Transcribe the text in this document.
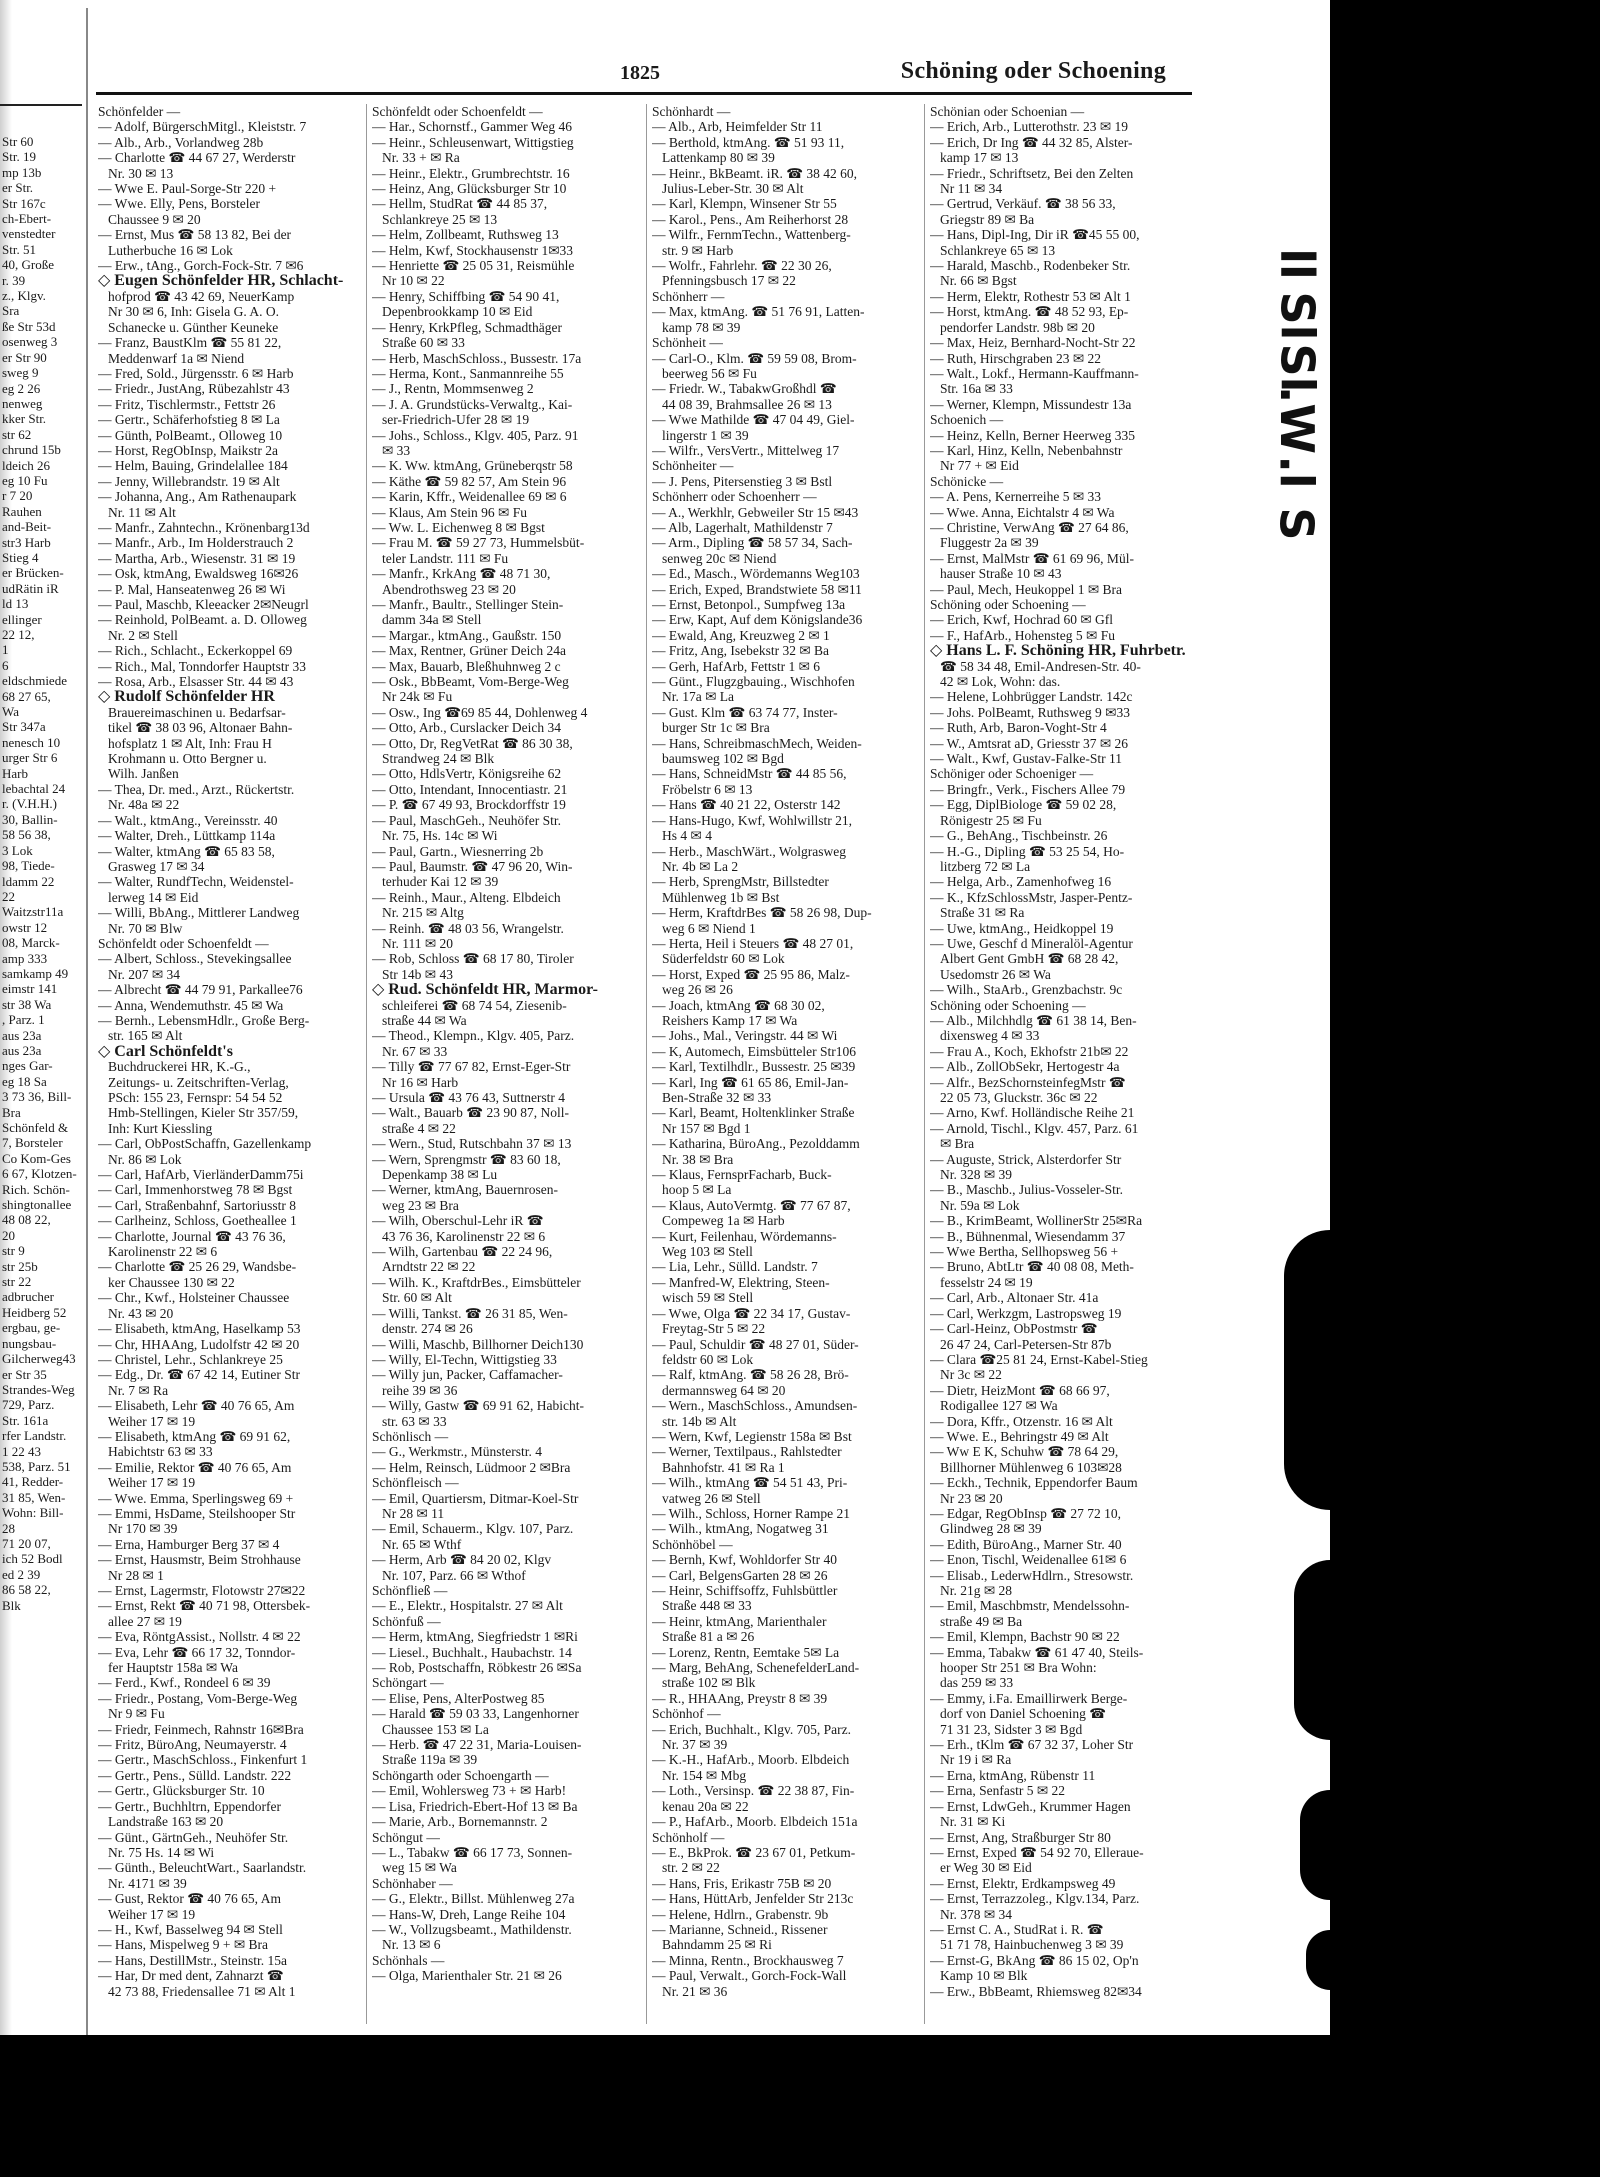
Str 60
Str. 19
mp 13b
er Str.
Str 167c
ch-Ebert-
venstedter
Str. 51
40, Große
r. 39
z., Klgv.
Sra
ße Str 53d
osenweg 3
er Str 90
sweg 9
eg 2 26
nenweg
kker Str.
str 62
chrund 15b
ldeich 26
eg 10 Fu
r 7 20
Rauhen
and-Beit-
str3 Harb
Stieg 4
er Brücken-
udRätin iR
ld 13
ellinger
22 12,
1
6
eldschmiede
68 27 65,
Wa
Str 347a
nenesch 10
urger Str 6
Harb
lebachtal 24
r. (V.H.H.)
30, Ballin-
58 56 38,
3 Lok
98, Tiede-
ldamm 22
22
Waitzstr11a
owstr 12
08, Marck-
amp 333
samkamp 49
eimstr 141
str 38 Wa
, Parz. 1
aus 23a
aus 23a
nges Gar-
eg 18 Sa
3 73 36, Bill-
Bra
Schönfeld &
7, Borsteler
Co Kom-Ges
6 67, Klotzen-
Rich. Schön-
shingtonallee
48 08 22,
20
str 9
str 25b
str 22
adbrucher
Heidberg 52
ergbau, ge-
nungsbau-
Gilcherweg43
er Str 35
Strandes-Weg
729, Parz.
Str. 161a
rfer Landstr.
1 22 43
538, Parz. 51
41, Redder-
31 85, Wen-
Wohn: Bill-
28
71 20 07,
ich 52 Bodl
ed 2 39
86 58 22,
Blk
1825	Schöning oder Schoening
Schönfelder —
— Adolf, BürgerschMitgl., Kleiststr. 7
— Alb., Arb., Vorlandweg 28b
— Charlotte ☎ 44 67 27, Werderstr
Nr. 30 ✉ 13
— Wwe E. Paul-Sorge-Str 220 +
— Wwe. Elly, Pens, Borsteler
Chaussee 9 ✉ 20
— Ernst, Mus ☎ 58 13 82, Bei der
Lutherbuche 16 ✉ Lok
— Erw., tAng., Gorch-Fock-Str. 7 ✉6
◇ Eugen Schönfelder HR, Schlacht-
hofprod ☎ 43 42 69, NeuerKamp
Nr 30 ✉ 6, Inh: Gisela G. A. O.
Schanecke u. Günther Keuneke
— Franz, BaustKlm ☎ 55 81 22,
Meddenwarf 1a ✉ Niend
— Fred, Sold., Jürgensstr. 6 ✉ Harb
— Friedr., JustAng, Rübezahlstr 43
— Fritz, Tischlermstr., Fettstr 26
— Gertr., Schäferhofstieg 8 ✉ La
— Günth, PolBeamt., Olloweg 10
— Horst, RegObInsp, Maikstr 2a
— Helm, Bauing, Grindelallee 184
— Jenny, Willebrandstr. 19 ✉ Alt
— Johanna, Ang., Am Rathenaupark
Nr. 11 ✉ Alt
— Manfr., Zahntechn., Krönenbarg13d
— Manfr., Arb., Im Holderstrauch 2
— Martha, Arb., Wiesenstr. 31 ✉ 19
— Osk, ktmAng, Ewaldsweg 16✉26
— P. Mal, Hanseatenweg 26 ✉ Wi
— Paul, Maschb, Kleeacker 2✉Neugrl
— Reinhold, PolBeamt. a. D. Olloweg
Nr. 2 ✉ Stell
— Rich., Schlacht., Eckerkoppel 69
— Rich., Mal, Tonndorfer Hauptstr 33
— Rosa, Arb., Elsasser Str. 44 ✉ 43
◇ Rudolf Schönfelder HR
Brauereimaschinen u. Bedarfsar-
tikel ☎ 38 03 96, Altonaer Bahn-
hofsplatz 1 ✉ Alt, Inh: Frau H
Krohmann u. Otto Bergner u.
Wilh. Janßen
— Thea, Dr. med., Arzt., Rückertstr.
Nr. 48a ✉ 22
— Walt., ktmAng., Vereinsstr. 40
— Walter, Dreh., Lüttkamp 114a
— Walter, ktmAng ☎ 65 83 58,
Grasweg 17 ✉ 34
— Walter, RundfTechn, Weidenstel-
lerweg 14 ✉ Eid
— Willi, BbAng., Mittlerer Landweg
Nr. 70 ✉ Blw
Schönfeldt oder Schoenfeldt —
— Albert, Schloss., Stevekingsallee
Nr. 207 ✉ 34
— Albrecht ☎ 44 79 91, Parkallee76
— Anna, Wendemuthstr. 45 ✉ Wa
— Bernh., LebensmHdlr., Große Berg-
str. 165 ✉ Alt
◇ Carl Schönfeldt's
Buchdruckerei HR, K.-G.,
Zeitungs- u. Zeitschriften-Verlag,
PSch: 155 23, Fernspr: 54 54 52
Hmb-Stellingen, Kieler Str 357/59,
Inh: Kurt Kiessling
— Carl, ObPostSchaffn, Gazellenkamp
Nr. 86 ✉ Lok
— Carl, HafArb, VierländerDamm75i
— Carl, Immenhorstweg 78 ✉ Bgst
— Carl, Straßenbahnf, Sartoriusstr 8
— Carlheinz, Schloss, Goetheallee 1
— Charlotte, Journal ☎ 43 76 36,
Karolinenstr 22 ✉ 6
— Charlotte ☎ 25 26 29, Wandsbe-
ker Chaussee 130 ✉ 22
— Chr., Kwf., Holsteiner Chaussee
Nr. 43 ✉ 20
— Elisabeth, ktmAng, Haselkamp 53
— Chr, HHAAng, Ludolfstr 42 ✉ 20
— Christel, Lehr., Schlankreye 25
— Edg., Dr. ☎ 67 42 14, Eutiner Str
Nr. 7 ✉ Ra
— Elisabeth, Lehr ☎ 40 76 65, Am
Weiher 17 ✉ 19
— Elisabeth, ktmAng ☎ 69 91 62,
Habichtstr 63 ✉ 33
— Emilie, Rektor ☎ 40 76 65, Am
Weiher 17 ✉ 19
— Wwe. Emma, Sperlingsweg 69 +
— Emmi, HsDame, Steilshooper Str
Nr 170 ✉ 39
— Erna, Hamburger Berg 37 ✉ 4
— Ernst, Hausmstr, Beim Strohhause
Nr 28 ✉ 1
— Ernst, Lagermstr, Flotowstr 27✉22
— Ernst, Rekt ☎ 40 71 98, Ottersbek-
allee 27 ✉ 19
— Eva, RöntgAssist., Nollstr. 4 ✉ 22
— Eva, Lehr ☎ 66 17 32, Tonndor-
fer Hauptstr 158a ✉ Wa
— Ferd., Kwf., Rondeel 6 ✉ 39
— Friedr., Postang, Vom-Berge-Weg
Nr 9 ✉ Fu
— Friedr, Feinmech, Rahnstr 16✉Bra
— Fritz, BüroAng, Neumayerstr. 4
— Gertr., MaschSchloss., Finkenfurt 1
— Gertr., Pens., Sülld. Landstr. 222
— Gertr., Glücksburger Str. 10
— Gertr., Buchhltrn, Eppendorfer
Landstraße 163 ✉ 20
— Günt., GärtnGeh., Neuhöfer Str.
Nr. 75 Hs. 14 ✉ Wi
— Günth., BeleuchtWart., Saarlandstr.
Nr. 4171 ✉ 39
— Gust, Rektor ☎ 40 76 65, Am
Weiher 17 ✉ 19
— H., Kwf, Basselweg 94 ✉ Stell
— Hans, Mispelweg 9 + ✉ Bra
— Hans, DestillMstr., Steinstr. 15a
— Har, Dr med dent, Zahnarzt ☎
42 73 88, Friedensallee 71 ✉ Alt 1
Schönfeldt oder Schoenfeldt —
— Har., Schornstf., Gammer Weg 46
— Heinr., Schleusenwart, Wittigstieg
Nr. 33 + ✉ Ra
— Heinr., Elektr., Grumbrechtstr. 16
— Heinz, Ang, Glücksburger Str 10
— Hellm, StudRat ☎ 44 85 37,
Schlankreye 25 ✉ 13
— Helm, Zollbeamt, Ruthsweg 13
— Helm, Kwf, Stockhausenstr 1✉33
— Henriette ☎ 25 05 31, Reismühle
Nr 10 ✉ 22
— Henry, Schiffbing ☎ 54 90 41,
Depenbrookkamp 10 ✉ Eid
— Henry, KrkPfleg, Schmadthäger
Straße 60 ✉ 33
— Herb, MaschSchloss., Bussestr. 17a
— Herma, Kont., Sanmannreihe 55
— J., Rentn, Mommsenweg 2
— J. A. Grundstücks-Verwaltg., Kai-
ser-Friedrich-Ufer 28 ✉ 19
— Johs., Schloss., Klgv. 405, Parz. 91
✉ 33
— K. Ww. ktmAng, Grüneberqstr 58
— Käthe ☎ 59 82 57, Am Stein 96
— Karin, Kffr., Weidenallee 69 ✉ 6
— Klaus, Am Stein 96 ✉ Fu
— Ww. L. Eichenweg 8 ✉ Bgst
— Frau M. ☎ 59 27 73, Hummelsbüt-
teler Landstr. 111 ✉ Fu
— Manfr., KrkAng ☎ 48 71 30,
Abendrothsweg 23 ✉ 20
— Manfr., Baultr., Stellinger Stein-
damm 34a ✉ Stell
— Margar., ktmAng., Gaußstr. 150
— Max, Rentner, Grüner Deich 24a
— Max, Bauarb, Bleßhuhnweg 2 c
— Osk., BbBeamt, Vom-Berge-Weg
Nr 24k ✉ Fu
— Osw., Ing ☎69 85 44, Dohlenweg 4
— Otto, Arb., Curslacker Deich 34
— Otto, Dr, RegVetRat ☎ 86 30 38,
Strandweg 24 ✉ Blk
— Otto, HdlsVertr, Königsreihe 62
— Otto, Intendant, Innocentiastr. 21
— P. ☎ 67 49 93, Brockdorffstr 19
— Paul, MaschGeh., Neuhöfer Str.
Nr. 75, Hs. 14c ✉ Wi
— Paul, Gartn., Wiesnerring 2b
— Paul, Baumstr. ☎ 47 96 20, Win-
terhuder Kai 12 ✉ 39
— Reinh., Maur., Alteng. Elbdeich
Nr. 215 ✉ Altg
— Reinh. ☎ 48 03 56, Wrangelstr.
Nr. 111 ✉ 20
— Rob, Schloss ☎ 68 17 80, Tiroler
Str 14b ✉ 43
◇ Rud. Schönfeldt HR, Marmor-
schleiferei ☎ 68 74 54, Ziesenib-
straße 44 ✉ Wa
— Theod., Klempn., Klgv. 405, Parz.
Nr. 67 ✉ 33
— Tilly ☎ 77 67 82, Ernst-Eger-Str
Nr 16 ✉ Harb
— Ursula ☎ 43 76 43, Suttnerstr 4
— Walt., Bauarb ☎ 23 90 87, Noll-
straße 4 ✉ 22
— Wern., Stud, Rutschbahn 37 ✉ 13
— Wern, Sprengmstr ☎ 83 60 18,
Depenkamp 38 ✉ Lu
— Werner, ktmAng, Bauernrosen-
weg 23 ✉ Bra
— Wilh, Oberschul-Lehr iR ☎
43 76 36, Karolinenstr 22 ✉ 6
— Wilh, Gartenbau ☎ 22 24 96,
Arndtstr 22 ✉ 22
— Wilh. K., KraftdrBes., Eimsbütteler
Str. 60 ✉ Alt
— Willi, Tankst. ☎ 26 31 85, Wen-
denstr. 274 ✉ 26
— Willi, Maschb, Billhorner Deich130
— Willy, El-Techn, Wittigstieg 33
— Willy jun, Packer, Caffamacher-
reihe 39 ✉ 36
— Willy, Gastw ☎ 69 91 62, Habicht-
str. 63 ✉ 33
Schönlisch —
— G., Werkmstr., Münsterstr. 4
— Helm, Reinsch, Lüdmoor 2 ✉Bra
Schönfleisch —
— Emil, Quartiersm, Ditmar-Koel-Str
Nr 28 ✉ 11
— Emil, Schauerm., Klgv. 107, Parz.
Nr. 65 ✉ Wthf
— Herm, Arb ☎ 84 20 02, Klgv
Nr. 107, Parz. 66 ✉ Wthof
Schönfließ —
— E., Elektr., Hospitalstr. 27 ✉ Alt
Schönfuß —
— Herm, ktmAng, Siegfriedstr 1 ✉Ri
— Liesel., Buchhalt., Haubachstr. 14
— Rob, Postschaffn, Röbkestr 26 ✉Sa
Schöngart —
— Elise, Pens, AlterPostweg 85
— Harald ☎ 59 03 33, Langenhorner
Chaussee 153 ✉ La
— Herb. ☎ 47 22 31, Maria-Louisen-
Straße 119a ✉ 39
Schöngarth oder Schoengarth —
— Emil, Wohlersweg 73 + ✉ Harb!
— Lisa, Friedrich-Ebert-Hof 13 ✉ Ba
— Marie, Arb., Bornemannstr. 2
Schöngut —
— L., Tabakw ☎ 66 17 73, Sonnen-
weg 15 ✉ Wa
Schönhaber —
— G., Elektr., Billst. Mühlenweg 27a
— Hans-W, Dreh, Lange Reihe 104
— W., Vollzugsbeamt., Mathildenstr.
Nr. 13 ✉ 6
Schönhals —
— Olga, Marienthaler Str. 21 ✉ 26
Schönhardt —
— Alb., Arb, Heimfelder Str 11
— Berthold, ktmAng. ☎ 51 93 11,
Lattenkamp 80 ✉ 39
— Heinr., BkBeamt. iR. ☎ 38 42 60,
Julius-Leber-Str. 30 ✉ Alt
— Karl, Klempn, Winsener Str 55
— Karol., Pens., Am Reiherhorst 28
— Wilfr., FernmTechn., Wattenberg-
str. 9 ✉ Harb
— Wolfr., Fahrlehr. ☎ 22 30 26,
Pfenningsbusch 17 ✉ 22
Schönherr —
— Max, ktmAng. ☎ 51 76 91, Latten-
kamp 78 ✉ 39
Schönheit —
— Carl-O., Klm. ☎ 59 59 08, Brom-
beerweg 56 ✉ Fu
— Friedr. W., TabakwGroßhdl ☎
44 08 39, Brahmsallee 26 ✉ 13
— Wwe Mathilde ☎ 47 04 49, Giel-
lingerstr 1 ✉ 39
— Wilfr., VersVertr., Mittelweg 17
Schönheiter —
— J. Pens, Pitersenstieg 3 ✉ Bstl
Schönherr oder Schoenherr —
— A., Werkhlr, Gebweiler Str 15 ✉43
— Alb, Lagerhalt, Mathildenstr 7
— Arm., Dipling ☎ 58 57 34, Sach-
senweg 20c ✉ Niend
— Ed., Masch., Wördemanns Weg103
— Erich, Exped, Brandstwiete 58 ✉11
— Ernst, Betonpol., Sumpfweg 13a
— Erw, Kapt, Auf dem Königslande36
— Ewald, Ang, Kreuzweg 2 ✉ 1
— Fritz, Ang, Isebekstr 32 ✉ Ba
— Gerh, HafArb, Fettstr 1 ✉ 6
— Günt., Flugzgbauing., Wischhofen
Nr. 17a ✉ La
— Gust. Klm ☎ 63 74 77, Inster-
burger Str 1c ✉ Bra
— Hans, SchreibmaschMech, Weiden-
baumsweg 102 ✉ Bgd
— Hans, SchneidMstr ☎ 44 85 56,
Fröbelstr 6 ✉ 13
— Hans ☎ 40 21 22, Osterstr 142
— Hans-Hugo, Kwf, Wohlwillstr 21,
Hs 4 ✉ 4
— Herb., MaschWärt., Wolgrasweg
Nr. 4b ✉ La 2
— Herb, SprengMstr, Billstedter
Mühlenweg 1b ✉ Bst
— Herm, KraftdrBes ☎ 58 26 98, Dup-
weg 6 ✉ Niend 1
— Herta, Heil i Steuers ☎ 48 27 01,
Süderfeldstr 60 ✉ Lok
— Horst, Exped ☎ 25 95 86, Malz-
weg 26 ✉ 26
— Joach, ktmAng ☎ 68 30 02,
Reishers Kamp 17 ✉ Wa
— Johs., Mal., Veringstr. 44 ✉ Wi
— K, Automech, Eimsbütteler Str106
— Karl, Textilhdlr., Bussestr. 25 ✉39
— Karl, Ing ☎ 61 65 86, Emil-Jan-
Ben-Straße 32 ✉ 33
— Karl, Beamt, Holtenklinker Straße
Nr 157 ✉ Bgd 1
— Katharina, BüroAng., Pezolddamm
Nr. 38 ✉ Bra
— Klaus, FernsprFacharb, Buck-
hoop 5 ✉ La
— Klaus, AutoVermtg. ☎ 77 67 87,
Compeweg 1a ✉ Harb
— Kurt, Feilenhau, Wördemanns-
Weg 103 ✉ Stell
— Lia, Lehr., Sülld. Landstr. 7
— Manfred-W, Elektring, Steen-
wisch 59 ✉ Stell
— Wwe, Olga ☎ 22 34 17, Gustav-
Freytag-Str 5 ✉ 22
— Paul, Schuldir ☎ 48 27 01, Süder-
feldstr 60 ✉ Lok
— Ralf, ktmAng. ☎ 58 26 28, Brö-
dermannsweg 64 ✉ 20
— Wern., MaschSchloss., Amundsen-
str. 14b ✉ Alt
— Wern, Kwf, Legienstr 158a ✉ Bst
— Werner, Textilpaus., Rahlstedter
Bahnhofstr. 41 ✉ Ra 1
— Wilh., ktmAng ☎ 54 51 43, Pri-
vatweg 26 ✉ Stell
— Wilh., Schloss, Horner Rampe 21
— Wilh., ktmAng, Nogatweg 31
Schönhöbel —
— Bernh, Kwf, Wohldorfer Str 40
— Carl, BelgensGarten 28 ✉ 26
— Heinr, Schiffsoffz, Fuhlsbüttler
Straße 448 ✉ 33
— Heinr, ktmAng, Marienthaler
Straße 81 a ✉ 26
— Lorenz, Rentn, Eemtake 5✉ La
— Marg, BehAng, SchenefelderLand-
straße 102 ✉ Blk
— R., HHAAng, Preystr 8 ✉ 39
Schönhof —
— Erich, Buchhalt., Klgv. 705, Parz.
Nr. 37 ✉ 39
— K.-H., HafArb., Moorb. Elbdeich
Nr. 154 ✉ Mbg
— Loth., Versinsp. ☎ 22 38 87, Fin-
kenau 20a ✉ 22
— P., HafArb., Moorb. Elbdeich 151a
Schönholf —
— E., BkProk. ☎ 23 67 01, Petkum-
str. 2 ✉ 22
— Hans, Fris, Erikastr 75B ✉ 20
— Hans, HüttArb, Jenfelder Str 213c
— Helene, Hdlrn., Grabenstr. 9b
— Marianne, Schneid., Rissener
Bahndamm 25 ✉ Ri
— Minna, Rentn., Brockhausweg 7
— Paul, Verwalt., Gorch-Fock-Wall
Nr. 21 ✉ 36
Schönian oder Schoenian —
— Erich, Arb., Lutterothstr. 23 ✉ 19
— Erich, Dr Ing ☎ 44 32 85, Alster-
kamp 17 ✉ 13
— Friedr., Schriftsetz, Bei den Zelten
Nr 11 ✉ 34
— Gertrud, Verkäuf. ☎ 38 56 33,
Griegstr 89 ✉ Ba
— Hans, Dipl-Ing, Dir iR ☎45 55 00,
Schlankreye 65 ✉ 13
— Harald, Maschb., Rodenbeker Str.
Nr. 66 ✉ Bgst
— Herm, Elektr, Rothestr 53 ✉ Alt 1
— Horst, ktmAng. ☎ 48 52 93, Ep-
pendorfer Landstr. 98b ✉ 20
— Max, Heiz, Bernhard-Nocht-Str 22
— Ruth, Hirschgraben 23 ✉ 22
— Walt., Lokf., Hermann-Kauffmann-
Str. 16a ✉ 33
— Werner, Klempn, Missundestr 13a
Schoenich —
— Heinz, Kelln, Berner Heerweg 335
— Karl, Hinz, Kelln, Nebenbahnstr
Nr 77 + ✉ Eid
Schönicke —
— A. Pens, Kernerreihe 5 ✉ 33
— Wwe. Anna, Eichtalstr 4 ✉ Wa
— Christine, VerwAng ☎ 27 64 86,
Fluggestr 2a ✉ 39
— Ernst, MalMstr ☎ 61 69 96, Mül-
hauser Straße 10 ✉ 43
— Paul, Mech, Heukoppel 1 ✉ Bra
Schöning oder Schoening —
— Erich, Kwf, Hochrad 60 ✉ Gfl
— F., HafArb., Hohensteg 5 ✉ Fu
◇ Hans L. F. Schöning HR, Fuhrbetr.
☎ 58 34 48, Emil-Andresen-Str. 40-
42 ✉ Lok, Wohn: das.
— Helene, Lohbrügger Landstr. 142c
— Johs. PolBeamt, Ruthsweg 9 ✉33
— Ruth, Arb, Baron-Voght-Str 4
— W., Amtsrat aD, Griesstr 37 ✉ 26
— Walt., Kwf, Gustav-Falke-Str 11
Schöniger oder Schoeniger —
— Bringfr., Verk., Fischers Allee 79
— Egg, DiplBiologe ☎ 59 02 28,
Rönigestr 25 ✉ Fu
— G., BehAng., Tischbeinstr. 26
— H.-G., Dipling ☎ 53 25 54, Ho-
litzberg 72 ✉ La
— Helga, Arb., Zamenhofweg 16
— K., KfzSchlossMstr, Jasper-Pentz-
Straße 31 ✉ Ra
— Uwe, ktmAng., Heidkoppel 19
— Uwe, Geschf d Mineralöl-Agentur
Albert Gent GmbH ☎ 68 28 42,
Usedomstr 26 ✉ Wa
— Wilh., StaArb., Grenzbachstr. 9c
Schöning oder Schoening —
— Alb., Milchhdlg ☎ 61 38 14, Ben-
dixensweg 4 ✉ 33
— Frau A., Koch, Ekhofstr 21b✉ 22
— Alb., ZollObSekr, Hertogestr 4a
— Alfr., BezSchornsteinfegMstr ☎
22 05 73, Gluckstr. 36c ✉ 22
— Arno, Kwf. Holländische Reihe 21
— Arnold, Tischl., Klgv. 457, Parz. 61
✉ Bra
— Auguste, Strick, Alsterdorfer Str
Nr. 328 ✉ 39
— B., Maschb., Julius-Vosseler-Str.
Nr. 59a ✉ Lok
— B., KrimBeamt, WollinerStr 25✉Ra
— B., Bühnenmal, Wiesendamm 37
— Wwe Bertha, Sellhopsweg 56 +
— Bruno, AbtLtr ☎ 40 08 08, Meth-
fesselstr 24 ✉ 19
— Carl, Arb., Altonaer Str. 41a
— Carl, Werkzgm, Lastropsweg 19
— Carl-Heinz, ObPostmstr ☎
26 47 24, Carl-Petersen-Str 87b
— Clara ☎25 81 24, Ernst-Kabel-Stieg
Nr 3c ✉ 22
— Dietr, HeizMont ☎ 68 66 97,
Rodigallee 127 ✉ Wa
— Dora, Kffr., Otzenstr. 16 ✉ Alt
— Wwe. E., Behringstr 49 ✉ Alt
— Ww E K, Schuhw ☎ 78 64 29,
Billhorner Mühlenweg 6 103✉28
— Eckh., Technik, Eppendorfer Baum
Nr 23 ✉ 20
— Edgar, RegObInsp ☎ 27 72 10,
Glindweg 28 ✉ 39
— Edith, BüroAng., Marner Str. 40
— Enon, Tischl, Weidenallee 61✉ 6
— Elisab., LederwHdlrn., Stresowstr.
Nr. 21g ✉ 28
— Emil, Maschbmstr, Mendelssohn-
straße 49 ✉ Ba
— Emil, Klempn, Bachstr 90 ✉ 22
— Emma, Tabakw ☎ 61 47 40, Steils-
hooper Str 251 ✉ Bra Wohn:
das 259 ✉ 33
— Emmy, i.Fa. Emaillirwerk Berge-
dorf von Daniel Schoening ☎
71 31 23, Sidster 3 ✉ Bgd
— Erh., tKlm ☎ 67 32 37, Loher Str
Nr 19 i ✉ Ra
— Erna, ktmAng, Rübenstr 11
— Erna, Senfastr 5 ✉ 22
— Ernst, LdwGeh., Krummer Hagen
Nr. 31 ✉ Ki
— Ernst, Ang, Straßburger Str 80
— Ernst, Exped ☎ 54 92 70, Elleraue-
er Weg 30 ✉ Eid
— Ernst, Elektr, Erdkampsweg 49
— Ernst, Terrazzoleg., Klgv.134, Parz.
Nr. 378 ✉ 34
— Ernst C. A., StudRat i. R. ☎
51 71 78, Hainbuchenweg 3 ✉ 39
— Ernst-G, BkAng ☎ 86 15 02, Op'n
Kamp 10 ✉ Blk
— Erw., BbBeamt, Rhiemsweg 82✉34
ll
Sl
Sl
.W
.l
S
